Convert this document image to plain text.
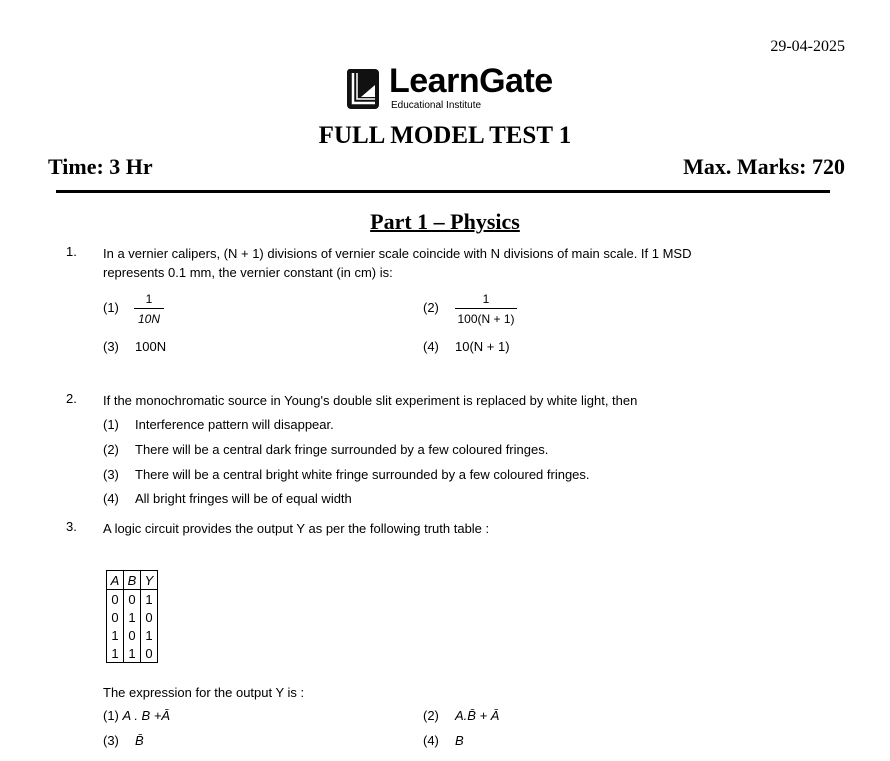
29-04-2025
LearnGate
Educational Institute
FULL MODEL TEST 1
Time: 3 Hr	Max. Marks: 720
Part 1 – Physics
1. In a vernier calipers, (N + 1) divisions of vernier scale coincide with N divisions of main scale. If 1 MSD represents 0.1 mm, the vernier constant (in cm) is:
(1)
1
10N
(2)
1
100(N + 1)
(3) 100N	(4) 10(N + 1)
2. If the monochromatic source in Young's double slit experiment is replaced by white light, then
(1) Interference pattern will disappear.
(2) There will be a central dark fringe surrounded by a few coloured fringes.
(3) There will be a central bright white fringe surrounded by a few coloured fringes.
(4) All bright fringes will be of equal width
3. A logic circuit provides the output Y as per the following truth table :
A	B	Y
0	0	1
0	1	0
1	0	1
1	1	0
The expression for the output Y is :
(1) A . B +Ā	(2) A.B̄ + Ā
(3) B̄	(4) B
